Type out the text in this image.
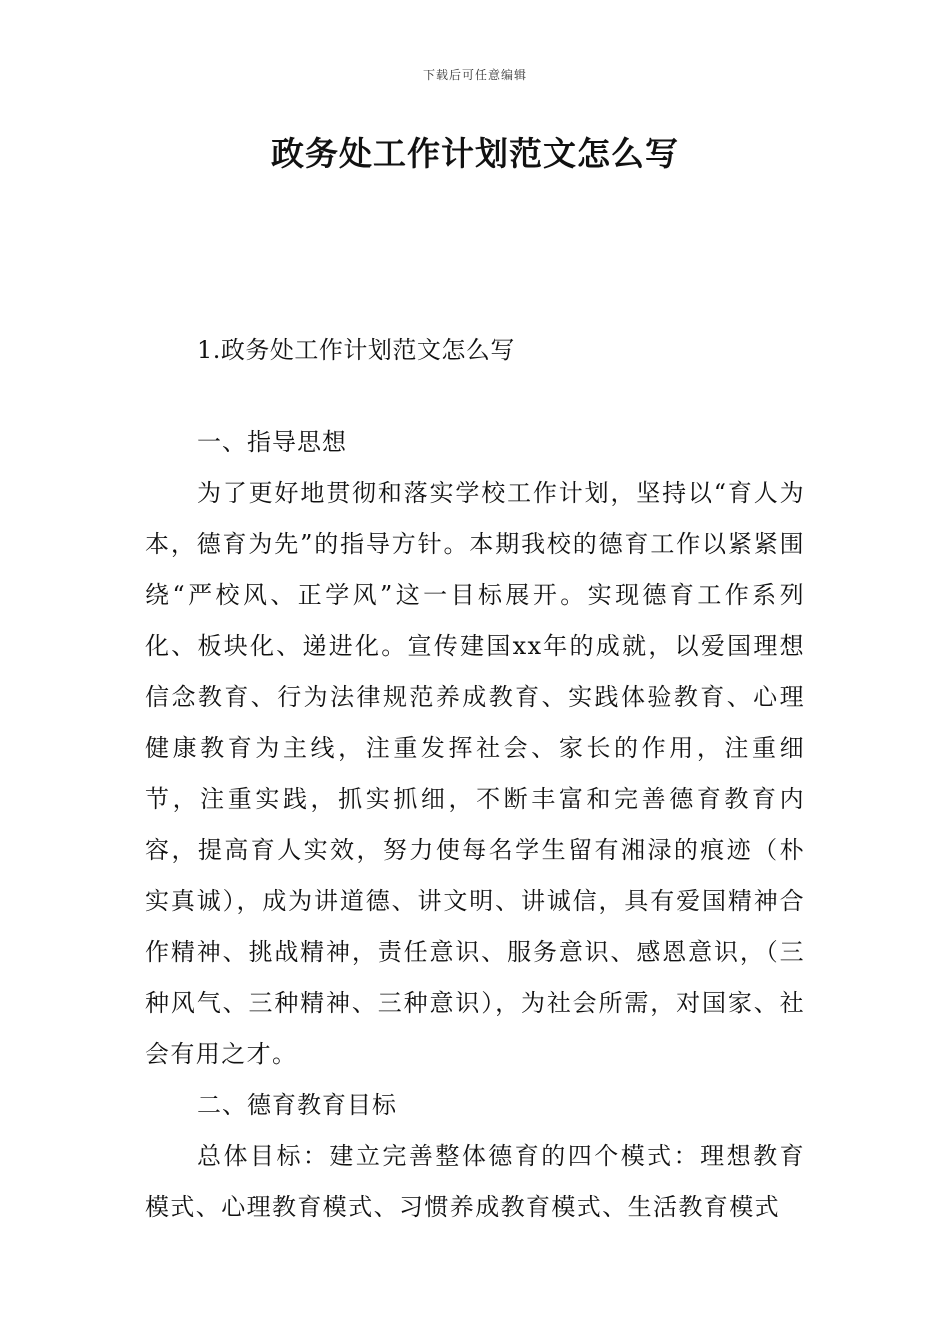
下载后可任意编辑
政务处工作计划范文怎么写
1.政务处工作计划范文怎么写
一、指导思想

为了更好地贯彻和落实学校工作计划，坚持以“育人为本，德育为先”的指导方针。本期我校的德育工作以紧紧围绕“严校风、正学风”这一目标展开。实现德育工作系列化、板块化、递进化。宣传建国xx年的成就，以爱国理想信念教育、行为法律规范养成教育、实践体验教育、心理健康教育为主线，注重发挥社会、家长的作用，注重细节，注重实践，抓实抓细，不断丰富和完善德育教育内容，提高育人实效，努力使每名学生留有湘渌的痕迹（朴实真诚），成为讲道德、讲文明、讲诚信，具有爱国精神合作精神、挑战精神，责任意识、服务意识、感恩意识，（三种风气、三种精神、三种意识），为社会所需，对国家、社会有用之才。

二、德育教育目标

总体目标：建立完善整体德育的四个模式：理想教育模式、心理教育模式、习惯养成教育模式、生活教育模式
